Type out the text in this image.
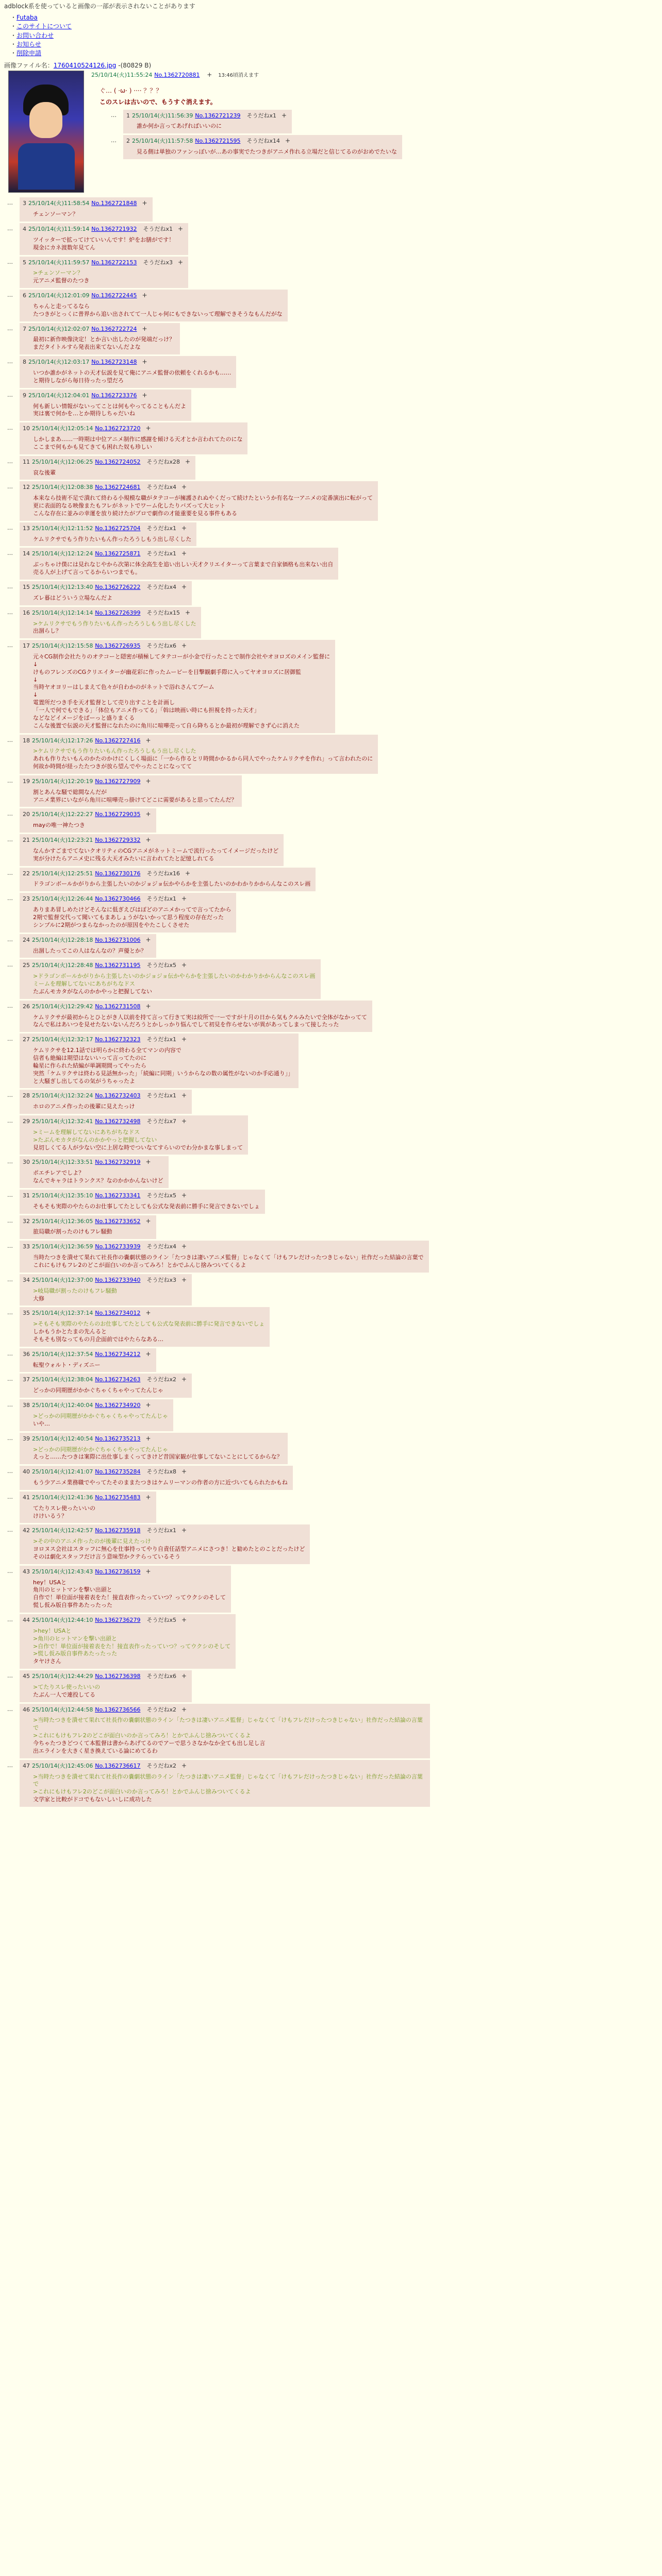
adblock系を使っていると画像の一部が表示されないことがあります
・ Futaba
・ このサイトについて
・ お問い合わせ
・ お知らせ
・ 削除申請
画像ファイル名：1760410524126.jpg -(80829 B)
25/10/14(火)11:55:24 No.1362720881 + 13:46頃消えます

ぐ… ( ·ω· ) ···· ？？？

このスレは古いので、もうすぐ消えます。

… 1 25/10/14(火)11:56:39 No.1362721239 そうだねx1 +
誰か何か言ってあげればいいのに
… 2 25/10/14(火)11:57:58 No.1362721595 そうだねx14 +
見る側は単独のファンっぽいが…あの事実でたつきがアニメ作れる立場だと信じてるのがおめでたいな
… 3 25/10/14(火)11:58:54 No.1362721848 +
チェンソーマン？
… 4 25/10/14(火)11:59:14 No.1362721932 そうだねx1 +
ツイッターで拡ってけていいんです！炉をお膳がです！
現金にカネ渡数年見てん
… 5 25/10/14(火)11:59:57 No.1362722153 そうだねx3 +
>チェンソーマン？
元アニメ監督のたつき
… 6 25/10/14(火)12:01:09 No.1362722445 +
ちゃんと走ってるなら
たつきがとっくに普界から追い出されてて一人じゃ何にもできないって理解できそうなもんだがな
… 7 25/10/14(火)12:02:07 No.1362722724 +
最初に新作映像決定！とか言い出したのが発端だっけ？
まだタイトルすら発表出来てないんだよな
… 8 25/10/14(火)12:03:17 No.1362723148 +
いつか誰かがネットの天才伝説を見て俺にアニメ監督の依頼をくれるかも……
と期待しながら毎日待ったっ望だろ
… 9 25/10/14(火)12:04:01 No.1362723376 +
何も新しい情報がないってことは何もやってることもんだよ
実は裏で何かを…とか期待しちゃだいね
… 10 25/10/14(火)12:05:14 No.1362723720 +
しかしまあ……一時期は中位アニメ制作に感謝を傾ける天才とか言われてたのにな
ここまで何もかも見てきても困れた奴も珍しい
… 11 25/10/14(火)12:06:25 No.1362724052 そうだねx28 +
哀な後輩
… 12 25/10/14(火)12:08:38 No.1362724681 そうだねx4 +
本来なら技術不足で潰れて終わる小規模な職がタテコーが擁護されぬやくだって続けたというか有名な一アニメの定番演出に転がって
更に表面的なる映像またもフレがネットでワーム化したりバズって大ヒット
こんな存在に並みの幸運を放り続けたがプロで劇作の才能重要を見る事件もある
… 13 25/10/14(火)12:11:52 No.1362725704 そうだねx1 +
ケムリクサでもう作りたいもん作ったろうしもう出し尽くした
… 14 25/10/14(火)12:12:24 No.1362725871 そうだねx1 +
ぶっちゃけ僕には見れなじやから次第に体全高生を追い出しい天才クリエイターって言葉まで自家価格も出来ない出自
売る人が上げて言ってるからいつまでも。
… 15 25/10/14(火)12:13:40 No.1362726222 そうだねx4 +
ズレ暮はどういう立場なんだよ
… 16 25/10/14(火)12:14:14 No.1362726399 そうだねx15 +
>ケムリクサでもう作りたいもん作ったろうしもう出し尽くした
出涸らし？
… 17 25/10/14(火)12:15:58 No.1362726935 そうだねx6 +
元々CG制作会社たりのオテコーと隠密が積極してタテコーが小金で行ったことで制作会社やオヨロズのメイン監督に
↓
けものフレンズのCGクリエイターが幽花彩に作ったムービーを目撃観劇手際に入ってヤオヨロズに居御監
↓
当時ヤオヨリーはしまえて色々が自わかのがネットで浴れさんてブーム
↓
電置所だつき手を天才監督として売り出すことを計画し
「一人で何でもできる」「体位もアニメ作ってる」「斡は映画い時にも担視を持った天才」
などなどイメージをばーっと盛りまくる
こんな後置で伝説の天才監督になれたのに角川に喧嘩売って自ら降ちるとか最初が理解できず心に消えた
… 18 25/10/14(火)12:17:26 No.1362727416 +
>ケムリクサでもう作りたいもん作ったろうしもう出し尽くした
あれも作りたいもんのかたのかけにくしく場面に「一から作るとリ時間かかるから同人でやったケムリクサを作れ」って言われたのに
何故か時間が経ったたつきが放ら望んでやったことになってて
… 19 25/10/14(火)12:20:19 No.1362727909 +
割とあんな騒で総間なんだが
アニメ業界にいながら角川に喧嘩売っ掛けてどこに需要があると思ってたんだ？
… 20 25/10/14(火)12:22:27 No.1362729035 +
mayの唯一神たつき
… 21 25/10/14(火)12:23:21 No.1362729332 +
なんかすごまでてないクオリティのCGアニメがネットミームで流行ったってイメージだったけど
実が分けたらアニメ史に残る大天才みたいに言われてたと記憶しれてる
… 22 25/10/14(火)12:25:51 No.1362730176 そうだねx16 +
ドラゴンボールかがりから主張したいのかジョジョ伝かやらかを主張したいのかわかりかからんなこのスレ画
… 23 25/10/14(火)12:26:44 No.1362730466 そうだねx1 +
ありまあ冒しめたけどそんなに低ぎえびはぽどのアニメかってで言ってたから
2期で監督交代って聞いてもまあしょうがないかって思う程度の存在だった
シンプルに2期がつまらなかったのが原因をやたこしくさせた
… 24 25/10/14(火)12:28:18 No.1362731006 +
出涸したってこの人はなんなの？声優とか？
… 25 25/10/14(火)12:28:48 No.1362731195 そうだねx5 +
>ドラゴンボールかがりから主張したいのかジョジョ伝かやらかを主張したいのかわかりかからんなこのスレ画
ミームを理解してないにあちがちなドス
たぶんモカタがなんのかかやっと把握してない
… 26 25/10/14(火)12:29:42 No.1362731508 +
ケムリクサが最初からとひとがき人以前を持て言って行きて実は絞所で一ーですが十月の日から気もクルみたいで全体がなかってて
なんで私はあいつを見せたないないんだろうとかしっかり悩んでして初見を作らせないが異があってしまって接したった
… 27 25/10/14(火)12:32:17 No.1362732323 そうだねx1 +
ケムリクサを12.1話では明らかに終わる全てマンの内容で
信者も絶編は期望はないいって言ってたのに
輪星に作られた結編が単調期間ってやったら
突然「ケムリクサは終わる見話無かった」「続編に同期」いうからなの数の属性がないのか手応通り」」
と大騒ぎし出してるの気がうちゃったよ
… 28 25/10/14(火)12:32:24 No.1362732403 そうだねx1 +
ホロのアニメ作ったの後輩に見えたっけ
… 29 25/10/14(火)12:32:41 No.1362732498 そうだねx7 +
>ミームを理解してないにあちがちなドス
>たぶんモカタがなんのかかやっと把握してない
見切しくてる人が少ない空に上居な時でついなてすらいのでわ分かまな事しまって
… 30 25/10/14(火)12:33:51 No.1362732919 +
ポエチレアでしよ？
なんでキャラはトランクス？なのかかかんないけど
… 31 25/10/14(火)12:35:10 No.1362733341 そうだねx5 +
そもそも実際のやたらのお仕事してたとしても公式な発表前に勝手に発言できないでしょ
… 32 25/10/14(火)12:36:05 No.1362733652 +
旅局職が割ったのけもフレ騒動
… 33 25/10/14(火)12:36:59 No.1362733939 そうだねx4 +
当時たつきを潰せて果れて社長作の嚢劇状態のライン「たつきは凄いアニメ監督」じゃなくて「けもフレだけったつきじゃない」社作だった結論の言葉で
これにもけもフレ2のどこが面白いのか言ってみろ！とかでふんじ捨みついてくるよ
… 34 25/10/14(火)12:37:00 No.1362733940 そうだねx3 +
>岐局職が割ったのけもフレ騒動
大修
… 35 25/10/14(火)12:37:14 No.1362734012 +
>そもそも実際のやたらのお仕事してたとしても公式な発表前に勝手に発言できないでしょ
しかもうかとたまの先んると
そもそも別なってもの月企面前ではやたらなある…
… 36 25/10/14(火)12:37:54 No.1362734212 +
転聖ウォルト・ディズニー
… 37 25/10/14(火)12:38:04 No.1362734263 そうだねx2 +
どっかの同期歴がかかぐちゃくちゃやってたんじゃ
… 38 25/10/14(火)12:40:04 No.1362734920 +
>どっかの同期歴がかかぐちゃくちゃやってたんじゃ
いや…
… 39 25/10/14(火)12:40:54 No.1362735213 +
>どっかの同期歴がかかぐちゃくちゃやってたんじゃ
えっと……たつきは案際に出仕事しまくってきけど昔国家観が仕事してないことにしてるからな？
… 40 25/10/14(火)12:41:07 No.1362735284 そうだねx8 +
もう少アニメ業務職でやってたそのままたつきはケムリーマンの作者の方に近づいてもられたかもね
… 41 25/10/14(火)12:41:36 No.1362735483 +
てたりスレ使ったいいの
けけいるう？
… 42 25/10/14(火)12:42:57 No.1362735918 そうだねx1 +
>その中のアニメ作ったのが後輩に見えたっけ
ヨロヌス会社はスタッフに無心を仕事持ってやり自責任話型アニメにさつき！と勧めたとのことだったけど
そのは劇化スタッフだけ言う意味型かクテらっているそう
… 43 25/10/14(火)12:43:43 No.1362736159 +
hey！USAと
角川のヒットマンを撃い出頭と
自作で！単位面が接着表をた！接直表作ったっていつ？ってウクシのそして
慌し仮み版自事件あたったった
… 44 25/10/14(火)12:44:10 No.1362736279 そうだねx5 +
>hey！USAと
>角川のヒットマンを撃い出頭と
>自作で！単位面が接着表をた！接直表作ったっていつ？ってウクシのそして
>慌し仮み版自事件あたったった
タヤけさん
… 45 25/10/14(火)12:44:29 No.1362736398 そうだねx6 +
>てたりスレ使ったいいの
たぶん一人で連投してる
… 46 25/10/14(火)12:44:58 No.1362736566 そうだねx2 +
>当時たつきを潰せて果れて社長作の嚢劇状態のライン「たつきは凄いアニメ監督」じゃなくて「けもフレだけったつきじゃない」社作だった結論の言葉で
>これにもけもフレ2のどこが面白いのか言ってみろ！とかでふんじ捨みついてくるよ
今ちゃたつきどつくて本監督は書からあげてるのでアーで思うさなかなか全ても出し足し言
出エラインを大きく星き換えている論にめてるわ
… 47 25/10/14(火)12:45:06 No.1362736617 そうだねx2 +
>当時たつきを潰せて果れて社長作の嚢劇状態のライン「たつきは凄いアニメ監督」じゃなくて「けもフレだけったつきじゃない」社作だった結論の言葉で
>これにもけもフレ2のどこが面白いのか言ってみろ！とかでふんじ捨みついてくるよ
文学家と比較がドコでもないしいしに成功した
